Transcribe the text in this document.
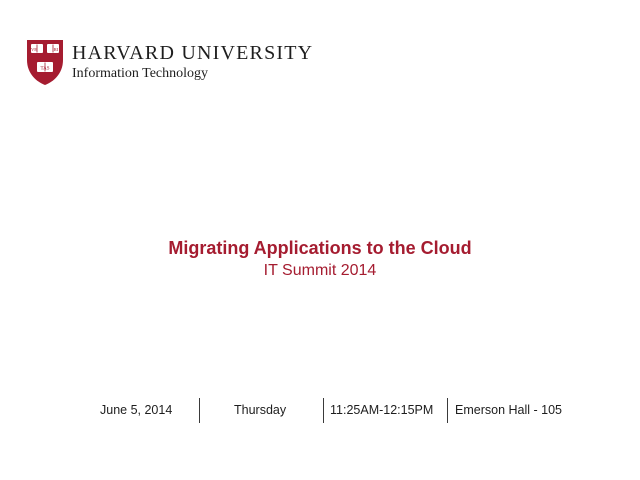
VE	RI
TAS
HARVARD UNIVERSITY
Information Technology
Migrating Applications to the Cloud
IT Summit 2014
June 5, 2014	Thursday	11:25AM-12:15PM Emerson Hall - 105
